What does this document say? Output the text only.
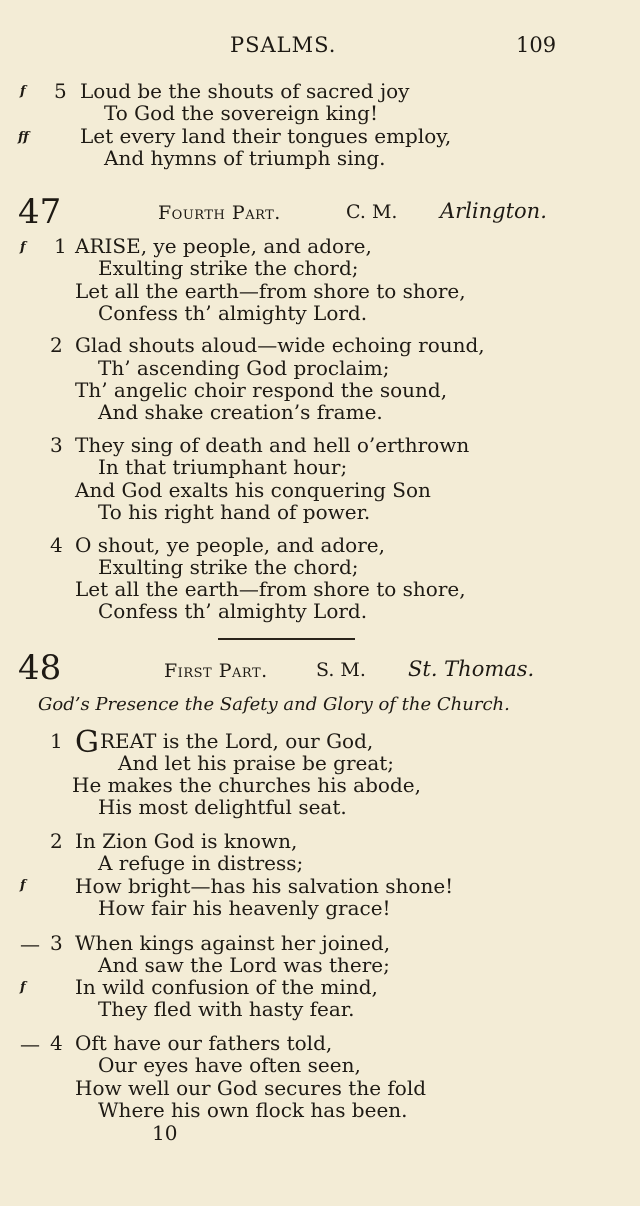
PSALMS.	109
f 5 Loud be the shouts of sacred joy
To God the sovereign king!
ff	Let every land their tongues employ,
And hymns of triumph sing.
47	Fourth Part.	C. M. Arlington.
f 1 ARISE, ye people, and adore,
Exulting strike the chord;
Let all the earth—from shore to shore,
Confess th’ almighty Lord.
2 Glad shouts aloud—wide echoing round,
Th’ ascending God proclaim;
Th’ angelic choir respond the sound,
And shake creation’s frame.
3 They sing of death and hell o’erthrown
In that triumphant hour;
And God exalts his conquering Son
To his right hand of power.
4 O shout, ye people, and adore,
Exulting strike the chord;
Let all the earth—from shore to shore,
Confess th’ almighty Lord.
48	First Part.	S. M. St. Thomas.
God’s Presence the Safety and Glory of the Church.
1 G REAT is the Lord, our God,
And let his praise be great;
He makes the churches his abode,
His most delightful seat.
2 In Zion God is known,
A refuge in distress;
f How bright—has his salvation shone!
How fair his heavenly grace!
— 3 When kings against her joined,
And saw the Lord was there;
f In wild confusion of the mind,
They fled with hasty fear.
— 4 Oft have our fathers told,
Our eyes have often seen,
How well our God secures the fold
Where his own flock has been.
10
